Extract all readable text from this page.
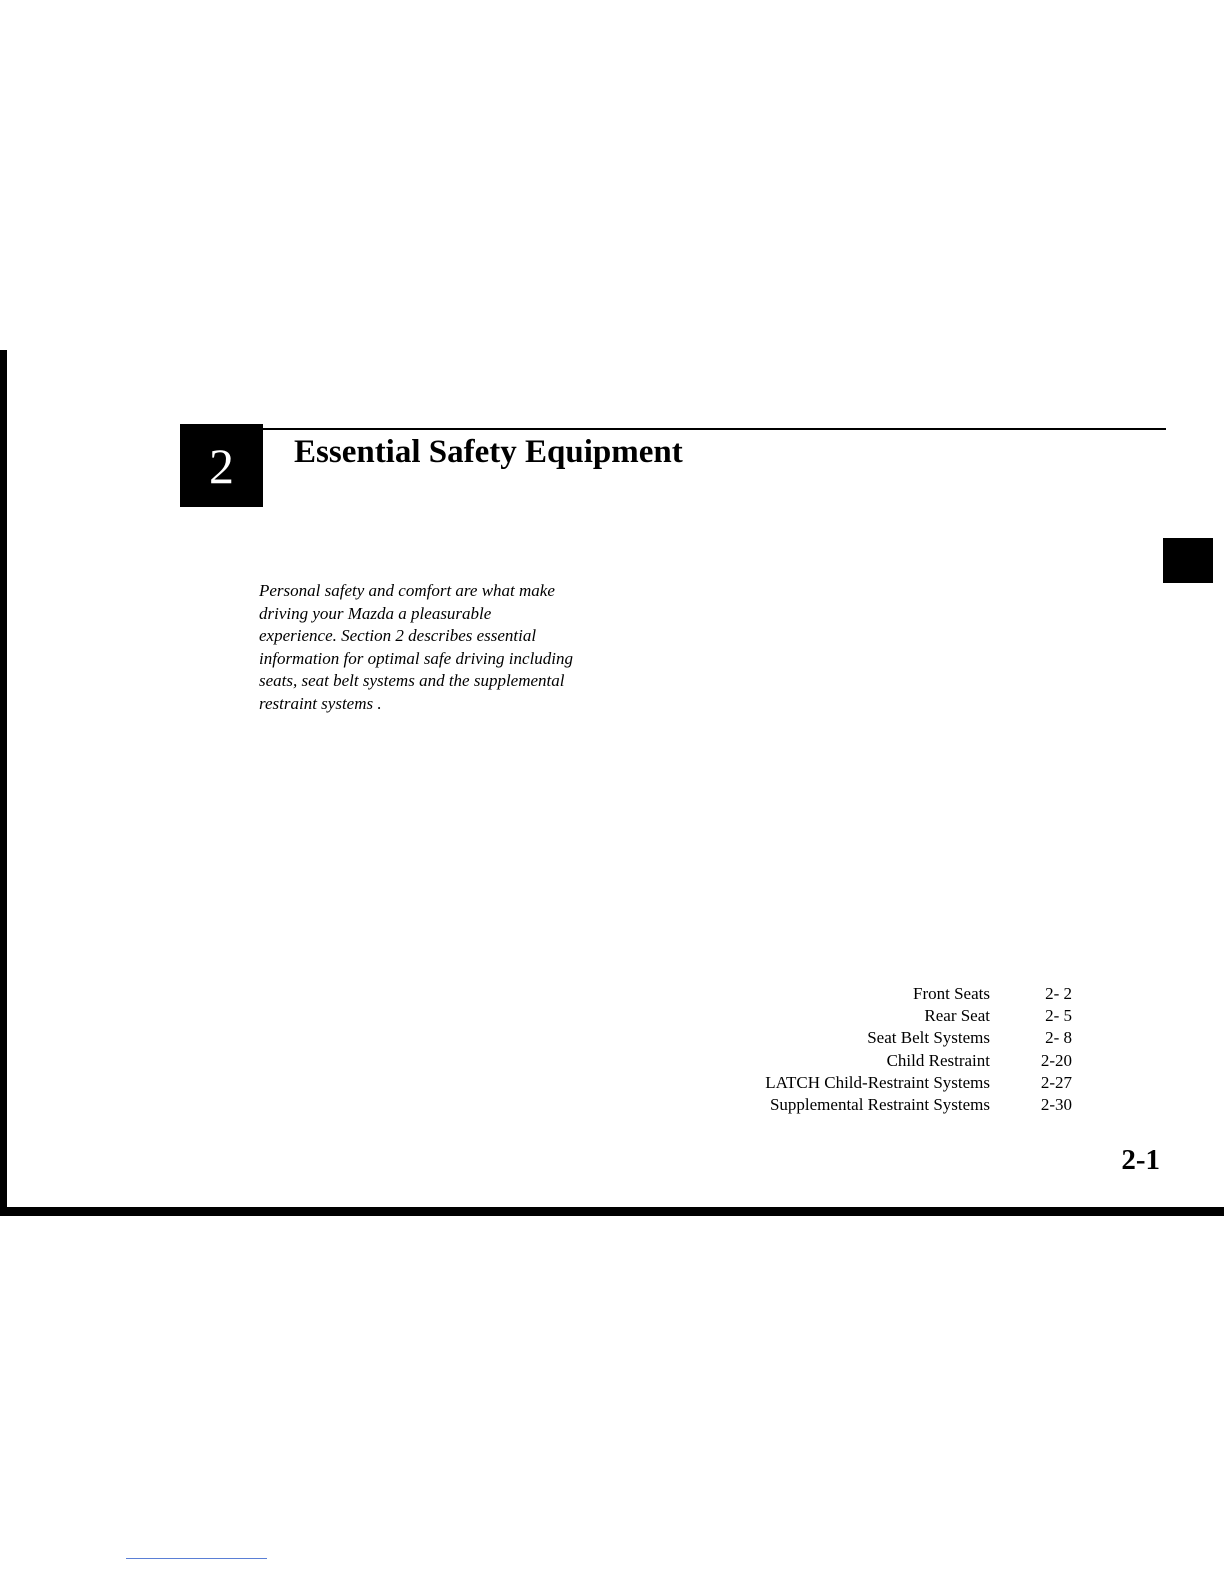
2	Essential Safety Equipment
Personal safety and comfort are what make
driving your Mazda a pleasurable
experience. Section 2 describes essential
information for optimal safe driving including
seats, seat belt systems and the supplemental
restraint systems .
Front Seats	2- 2
Rear Seat	2- 5
Seat Belt Systems	2- 8
Child Restraint	2-20
LATCH Child-Restraint Systems	2-27
Supplemental Restraint Systems	2-30
2-1
